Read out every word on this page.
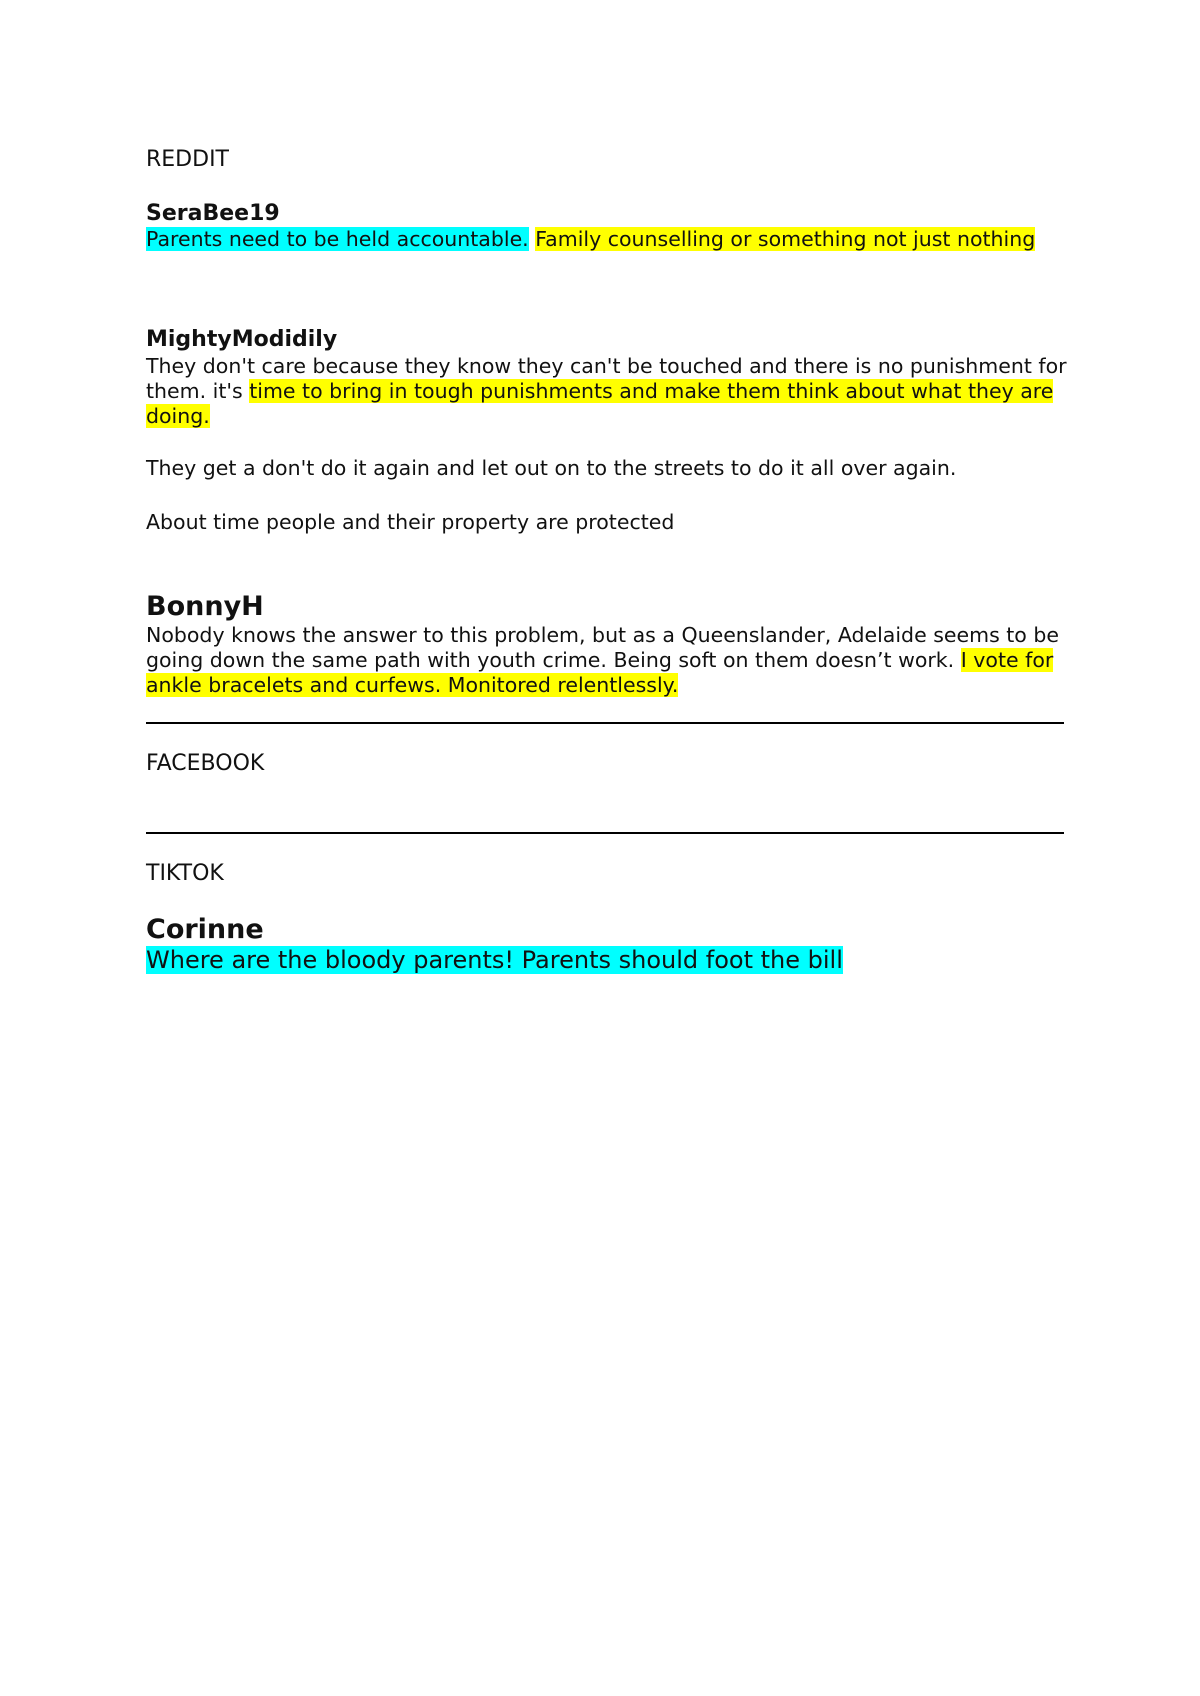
REDDIT
SeraBee19

Parents need to be held accountable. Family counselling or something not just nothing

MightyModidily

They don't care because they know they can't be touched and there is no punishment for them. it's time to bring in tough punishments and make them think about what they are doing.

They get a don't do it again and let out on to the streets to do it all over again.

About time people and their property are protected

BonnyH

Nobody knows the answer to this problem, but as a Queenslander, Adelaide seems to be going down the same path with youth crime. Being soft on them doesn’t work. I vote for ankle bracelets and curfews. Monitored relentlessly.

FACEBOOK
TIKTOK
Corinne

Where are the bloody parents! Parents should foot the bill
